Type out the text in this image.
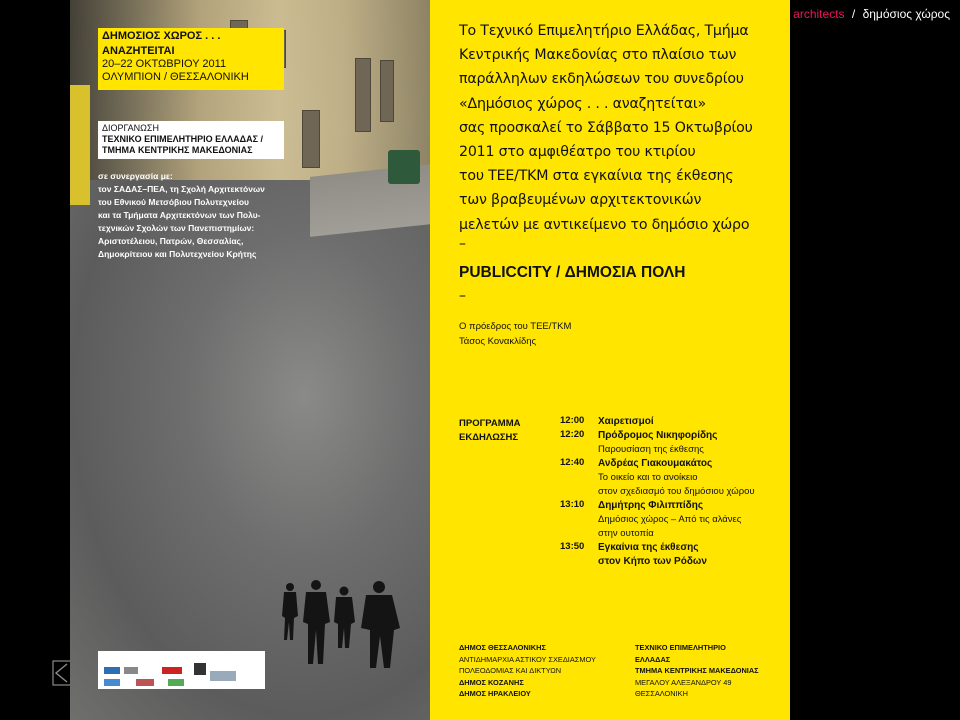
architects / δημόσιος χώρος
ΔΗΜΟΣΙΟΣ ΧΩΡΟΣ . . .
ΑΝΑΖΗΤΕΙΤΑΙ
20–22 ΟΚΤΩΒΡΙΟΥ 2011
ΟΛΥΜΠΙΟΝ / ΘΕΣΣΑΛΟΝΙΚΗ
ΔΙΟΡΓΑΝΩΣΗ
ΤΕΧΝΙΚΟ ΕΠΙΜΕΛΗΤΗΡΙΟ ΕΛΛΑΔΑΣ /
ΤΜΗΜΑ ΚΕΝΤΡΙΚΗΣ ΜΑΚΕΔΟΝΙΑΣ
σε συνεργασία με:
τον ΣΑΔΑΣ–ΠΕΑ, τη Σχολή Αρχιτεκτόνων
του Εθνικού Μετσόβιου Πολυτεχνείου
και τα Τμήματα Αρχιτεκτόνων των Πολυ-
τεχνικών Σχολών των Πανεπιστημίων:
Αριστοτέλειου, Πατρών, Θεσσαλίας,
Δημοκρίτειου και Πολυτεχνείου Κρήτης

Το Τεχνικό Επιμελητήριο Ελλάδας, Τμήμα

Κεντρικής Μακεδονίας στο πλαίσιο των

παράλληλων εκδηλώσεων του συνεδρίου

«Δημόσιος χώρος . . . αναζητείται»

σας προσκαλεί το Σάββατο 15 Οκτωβρίου

2011 στο αμφιθέατρο του κτιρίου

του ΤΕΕ/ΤΚΜ στα εγκαίνια της έκθεσης

των βραβευμένων αρχιτεκτονικών

μελετών με αντικείμενο το δημόσιο χώρο

–
PUBLICCITY / ΔΗΜΟΣΙΑ ΠΟΛΗ
–
Ο πρόεδρος του ΤΕΕ/ΤΚΜ
Τάσος Κονακλίδης
ΠΡΟΓΡΑΜΜΑ
ΕΚΔΗΛΩΣΗΣ
12:00 Χαιρετισμοί
12:20 Πρόδρομος Νικηφορίδης
Παρουσίαση της έκθεσης
12:40 Ανδρέας Γιακουμακάτος
Το οικείο και το ανοίκειο
στον σχεδιασμό του δημόσιου χώρου
13:10 Δημήτρης Φιλιππίδης
Δημόσιος χώρος – Από τις αλάνες
στην ουτοπία
13:50 Εγκαίνια της έκθεσης
στον Κήπο των Ρόδων
ΔΗΜΟΣ ΘΕΣΣΑΛΟΝΙΚΗΣ
ΑΝΤΙΔΗΜΑΡΧΙΑ ΑΣΤΙΚΟΥ ΣΧΕΔΙΑΣΜΟΥ
ΠΟΛΕΟΔΟΜΙΑΣ ΚΑΙ ΔΙΚΤΥΩΝ
ΔΗΜΟΣ ΚΟΖΑΝΗΣ
ΔΗΜΟΣ ΗΡΑΚΛΕΙΟΥ
ΤΕΧΝΙΚΟ ΕΠΙΜΕΛΗΤΗΡΙΟ
ΕΛΛΑΔΑΣ
ΤΜΗΜΑ ΚΕΝΤΡΙΚΗΣ ΜΑΚΕΔΟΝΙΑΣ
ΜΕΓΑΛΟΥ ΑΛΕΞΑΝΔΡΟΥ 49
ΘΕΣΣΑΛΟΝΙΚΗ
